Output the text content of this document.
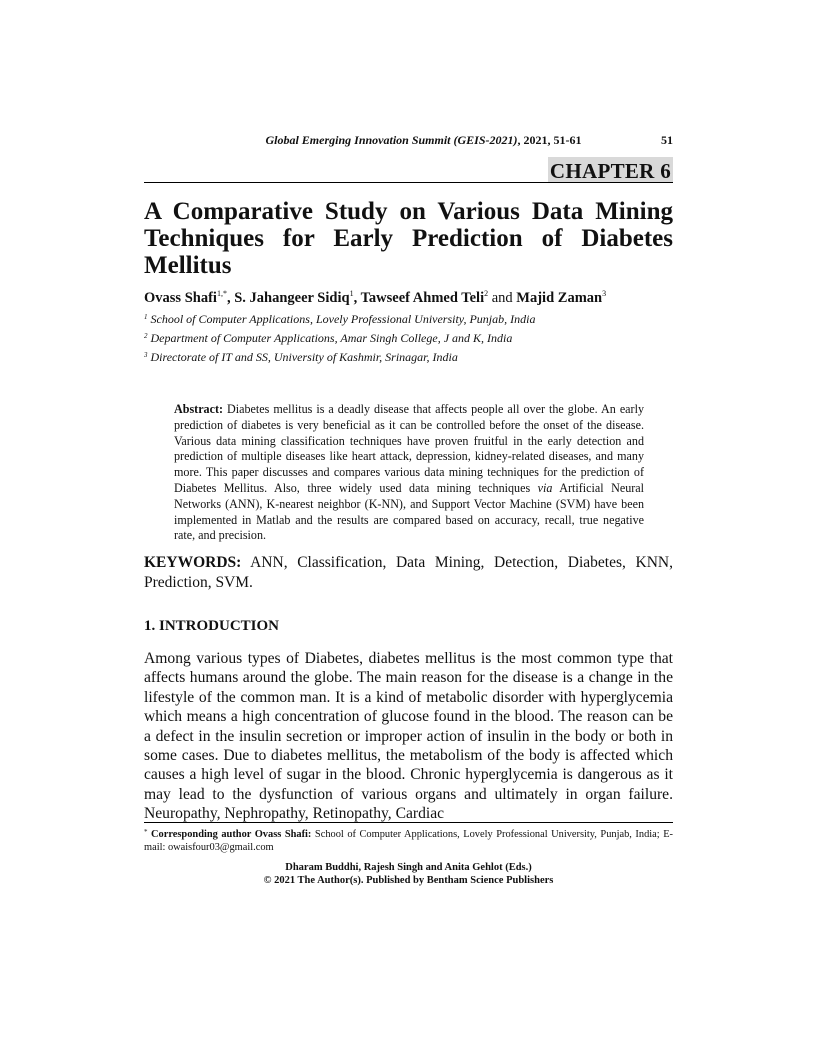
Global Emerging Innovation Summit (GEIS-2021), 2021, 51-61	51
CHAPTER 6
A Comparative Study on Various Data Mining
Techniques for Early Prediction of Diabetes
Mellitus
Ovass Shafi$^{1,*}$, S. Jahangeer Sidiq$^1$, Tawseef Ahmed Teli$^2$ and Majid Zaman$^3$
$^1$ School of Computer Applications, Lovely Professional University, Punjab, India
$^2$ Department of Computer Applications, Amar Singh College, J and K, India
$^3$ Directorate of IT and SS, University of Kashmir, Srinagar, India
Abstract: Diabetes mellitus is a deadly disease that affects people all over the globe. An early prediction of diabetes is very beneficial as it can be controlled before the onset of the disease. Various data mining classification techniques have proven fruitful in the early detection and prediction of multiple diseases like heart attack, depression, kidney-related diseases, and many more. This paper discusses and compares various data mining techniques for the prediction of Diabetes Mellitus. Also, three widely used data mining techniques via Artificial Neural Networks (ANN), K-nearest neighbor (K-NN), and Support Vector Machine (SVM) have been implemented in Matlab and the results are compared based on accuracy, recall, true negative rate, and precision.
KEYWORDS: ANN, Classification, Data Mining, Detection, Diabetes, KNN, Prediction, SVM.
1. INTRODUCTION
Among various types of Diabetes, diabetes mellitus is the most common type that affects humans around the globe. The main reason for the disease is a change in the lifestyle of the common man. It is a kind of metabolic disorder with hyperglycemia which means a high concentration of glucose found in the blood. The reason can be a defect in the insulin secretion or improper action of insulin in the body or both in some cases. Due to diabetes mellitus, the metabolism of the body is affected which causes a high level of sugar in the blood. Chronic hyperglycemia is dangerous as it may lead to the dysfunction of various organs and ultimately in organ failure. Neuropathy, Nephropathy, Retinopathy, Cardiac
* Corresponding author Ovass Shafi: School of Computer Applications, Lovely Professional University, Punjab, India; E-mail: owaisfour03@gmail.com
Dharam Buddhi, Rajesh Singh and Anita Gehlot (Eds.)
© 2021 The Author(s). Published by Bentham Science Publishers
